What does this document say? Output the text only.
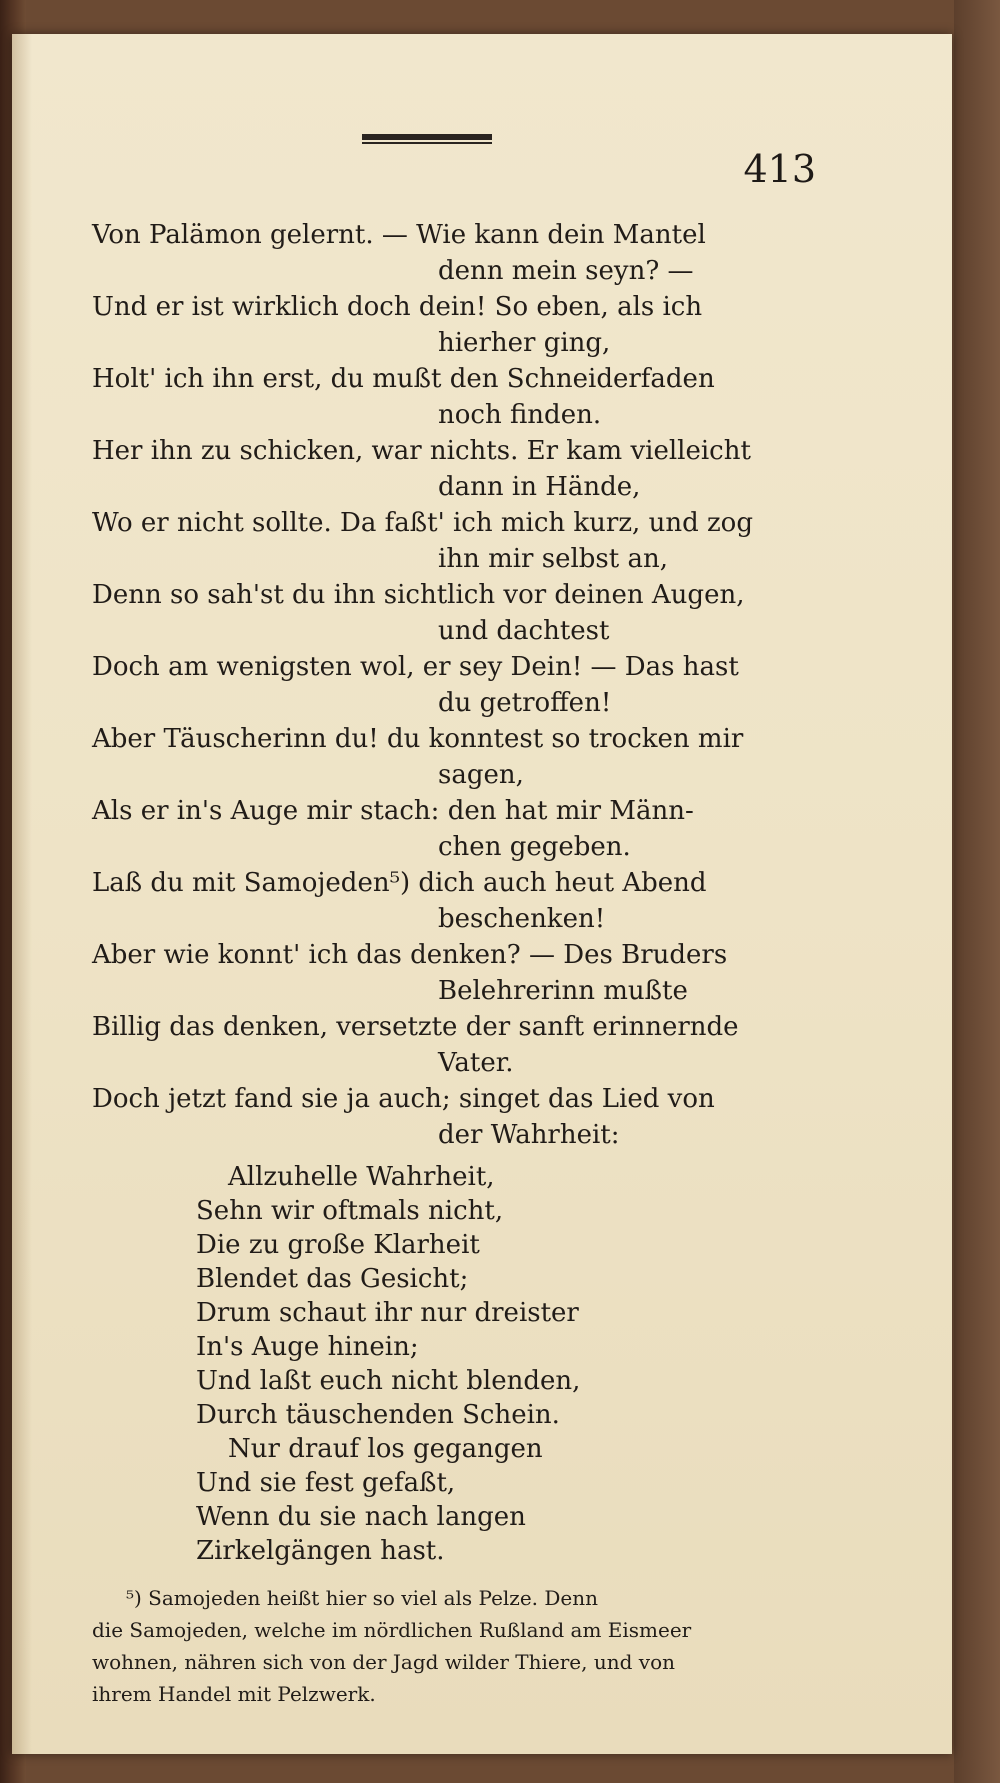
413
Von Palämon gelernt. — Wie kann dein Mantel
denn mein seyn? —
Und er ist wirklich doch dein! So eben, als ich
hierher ging,
Holt' ich ihn erst, du mußt den Schneiderfaden
noch finden.
Her ihn zu schicken, war nichts. Er kam vielleicht
dann in Hände,
Wo er nicht sollte. Da faßt' ich mich kurz, und zog
ihn mir selbst an,
Denn so sah'st du ihn sichtlich vor deinen Augen,
und dachtest
Doch am wenigsten wol, er sey Dein! — Das hast
du getroffen!
Aber Täuscherinn du! du konntest so trocken mir
sagen,
Als er in's Auge mir stach: den hat mir Männ-
chen gegeben.
Laß du mit Samojeden⁵) dich auch heut Abend
beschenken!
Aber wie konnt' ich das denken? — Des Bruders
Belehrerinn mußte
Billig das denken, versetzte der sanft erinnernde
Vater.
Doch jetzt fand sie ja auch; singet das Lied von
der Wahrheit:
Allzuhelle Wahrheit,
Sehn wir oftmals nicht,
Die zu große Klarheit
Blendet das Gesicht;
Drum schaut ihr nur dreister
In's Auge hinein;
Und laßt euch nicht blenden,
Durch täuschenden Schein.
Nur drauf los gegangen
Und sie fest gefaßt,
Wenn du sie nach langen
Zirkelgängen hast.
⁵) Samojeden heißt hier so viel als Pelze. Denn
die Samojeden, welche im nördlichen Rußland am Eismeer
wohnen, nähren sich von der Jagd wilder Thiere, und von
ihrem Handel mit Pelzwerk.
